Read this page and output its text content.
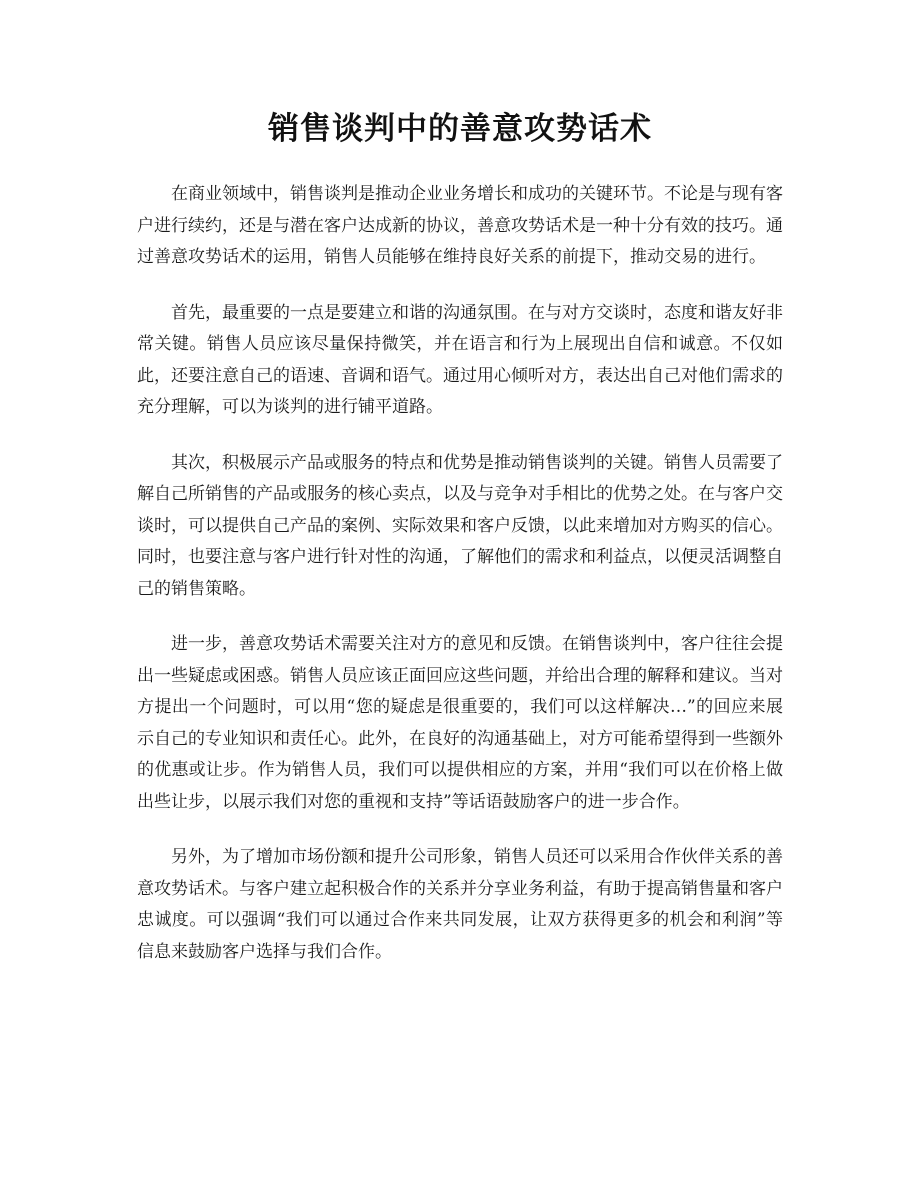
销售谈判中的善意攻势话术

在商业领域中，销售谈判是推动企业业务增长和成功的关键环节。不论是与现有客户进行续约，还是与潜在客户达成新的协议，善意攻势话术是一种十分有效的技巧。通过善意攻势话术的运用，销售人员能够在维持良好关系的前提下，推动交易的进行。

首先，最重要的一点是要建立和谐的沟通氛围。在与对方交谈时，态度和谐友好非常关键。销售人员应该尽量保持微笑，并在语言和行为上展现出自信和诚意。不仅如此，还要注意自己的语速、音调和语气。通过用心倾听对方，表达出自己对他们需求的充分理解，可以为谈判的进行铺平道路。

其次，积极展示产品或服务的特点和优势是推动销售谈判的关键。销售人员需要了解自己所销售的产品或服务的核心卖点，以及与竞争对手相比的优势之处。在与客户交谈时，可以提供自己产品的案例、实际效果和客户反馈，以此来增加对方购买的信心。同时，也要注意与客户进行针对性的沟通，了解他们的需求和利益点，以便灵活调整自己的销售策略。

进一步，善意攻势话术需要关注对方的意见和反馈。在销售谈判中，客户往往会提出一些疑虑或困惑。销售人员应该正面回应这些问题，并给出合理的解释和建议。当对方提出一个问题时，可以用“您的疑虑是很重要的，我们可以这样解决…”的回应来展示自己的专业知识和责任心。此外，在良好的沟通基础上，对方可能希望得到一些额外的优惠或让步。作为销售人员，我们可以提供相应的方案，并用“我们可以在价格上做出些让步，以展示我们对您的重视和支持”等话语鼓励客户的进一步合作。

另外，为了增加市场份额和提升公司形象，销售人员还可以采用合作伙伴关系的善意攻势话术。与客户建立起积极合作的关系并分享业务利益，有助于提高销售量和客户忠诚度。可以强调“我们可以通过合作来共同发展，让双方获得更多的机会和利润”等信息来鼓励客户选择与我们合作。
